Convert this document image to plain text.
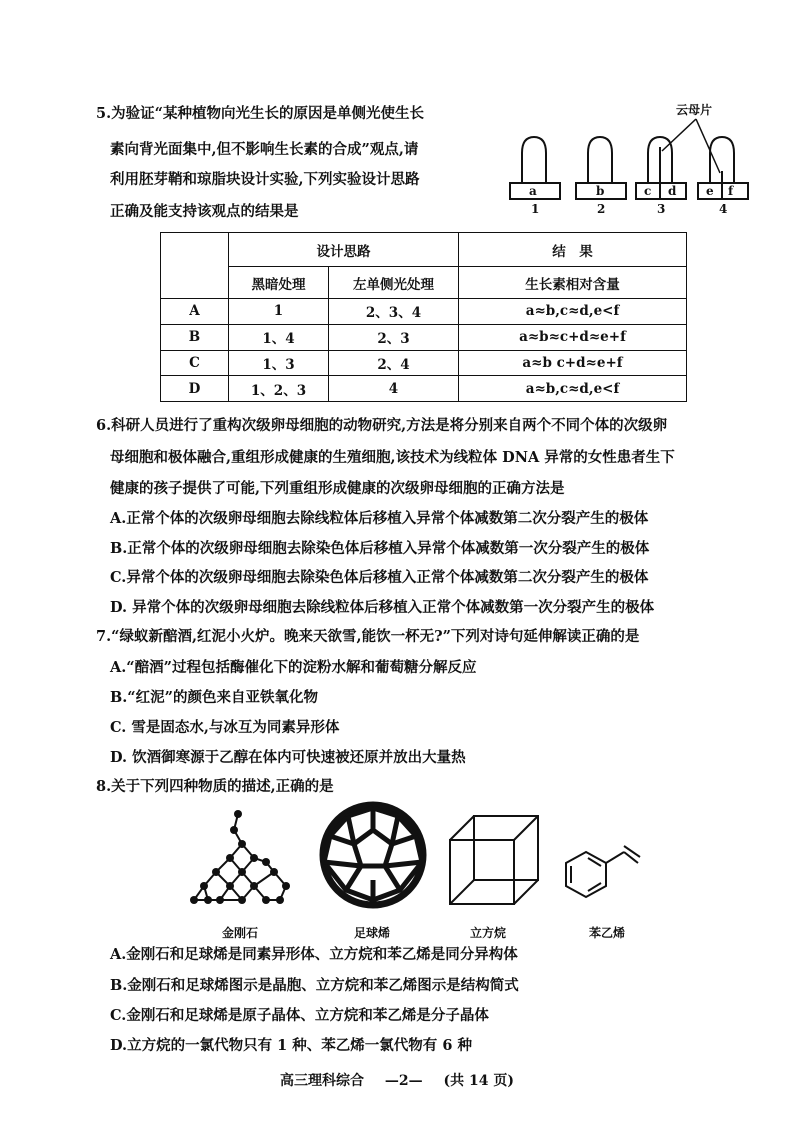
5.为验证“某种植物向光生长的原因是单侧光使生长
素向背光面集中,但不影响生长素的合成”观点,请
利用胚芽鞘和琼脂块设计实验,下列实验设计思路
正确及能支持该观点的结果是
云母片
a	b	c d e f
1	2	3	4
	设计思路		结　果
	黑暗处理	左单侧光处理	生长素相对含量
A	1	2、3、4	a≈b,c≈d,e<f
B	1、4	2、3	a≈b≈c+d≈e+f
C	1、3	2、4	a≈b c+d≈e+f
D	1、2、3	4	a≈b,c≈d,e<f
6.科研人员进行了重构次级卵母细胞的动物研究,方法是将分别来自两个不同个体的次级卵
母细胞和极体融合,重组形成健康的生殖细胞,该技术为线粒体 DNA 异常的女性患者生下
健康的孩子提供了可能,下列重组形成健康的次级卵母细胞的正确方法是
A.正常个体的次级卵母细胞去除线粒体后移植入异常个体减数第二次分裂产生的极体
B.正常个体的次级卵母细胞去除染色体后移植入异常个体减数第一次分裂产生的极体
C.异常个体的次级卵母细胞去除染色体后移植入正常个体减数第二次分裂产生的极体
D. 异常个体的次级卵母细胞去除线粒体后移植入正常个体减数第一次分裂产生的极体
7.“绿蚁新醅酒,红泥小火炉。晚来天欲雪,能饮一杯无?”下列对诗句延伸解读正确的是
A.“醅酒”过程包括酶催化下的淀粉水解和葡萄糖分解反应
B.“红泥”的颜色来自亚铁氧化物
C. 雪是固态水,与冰互为同素异形体
D. 饮酒御寒源于乙醇在体内可快速被还原并放出大量热
8.关于下列四种物质的描述,正确的是
金刚石	足球烯	立方烷	苯乙烯
A.金刚石和足球烯是同素异形体、立方烷和苯乙烯是同分异构体
B.金刚石和足球烯图示是晶胞、立方烷和苯乙烯图示是结构简式
C.金刚石和足球烯是原子晶体、立方烷和苯乙烯是分子晶体
D.立方烷的一氯代物只有 1 种、苯乙烯一氯代物有 6 种
高三理科综合 —2— (共 14 页)
